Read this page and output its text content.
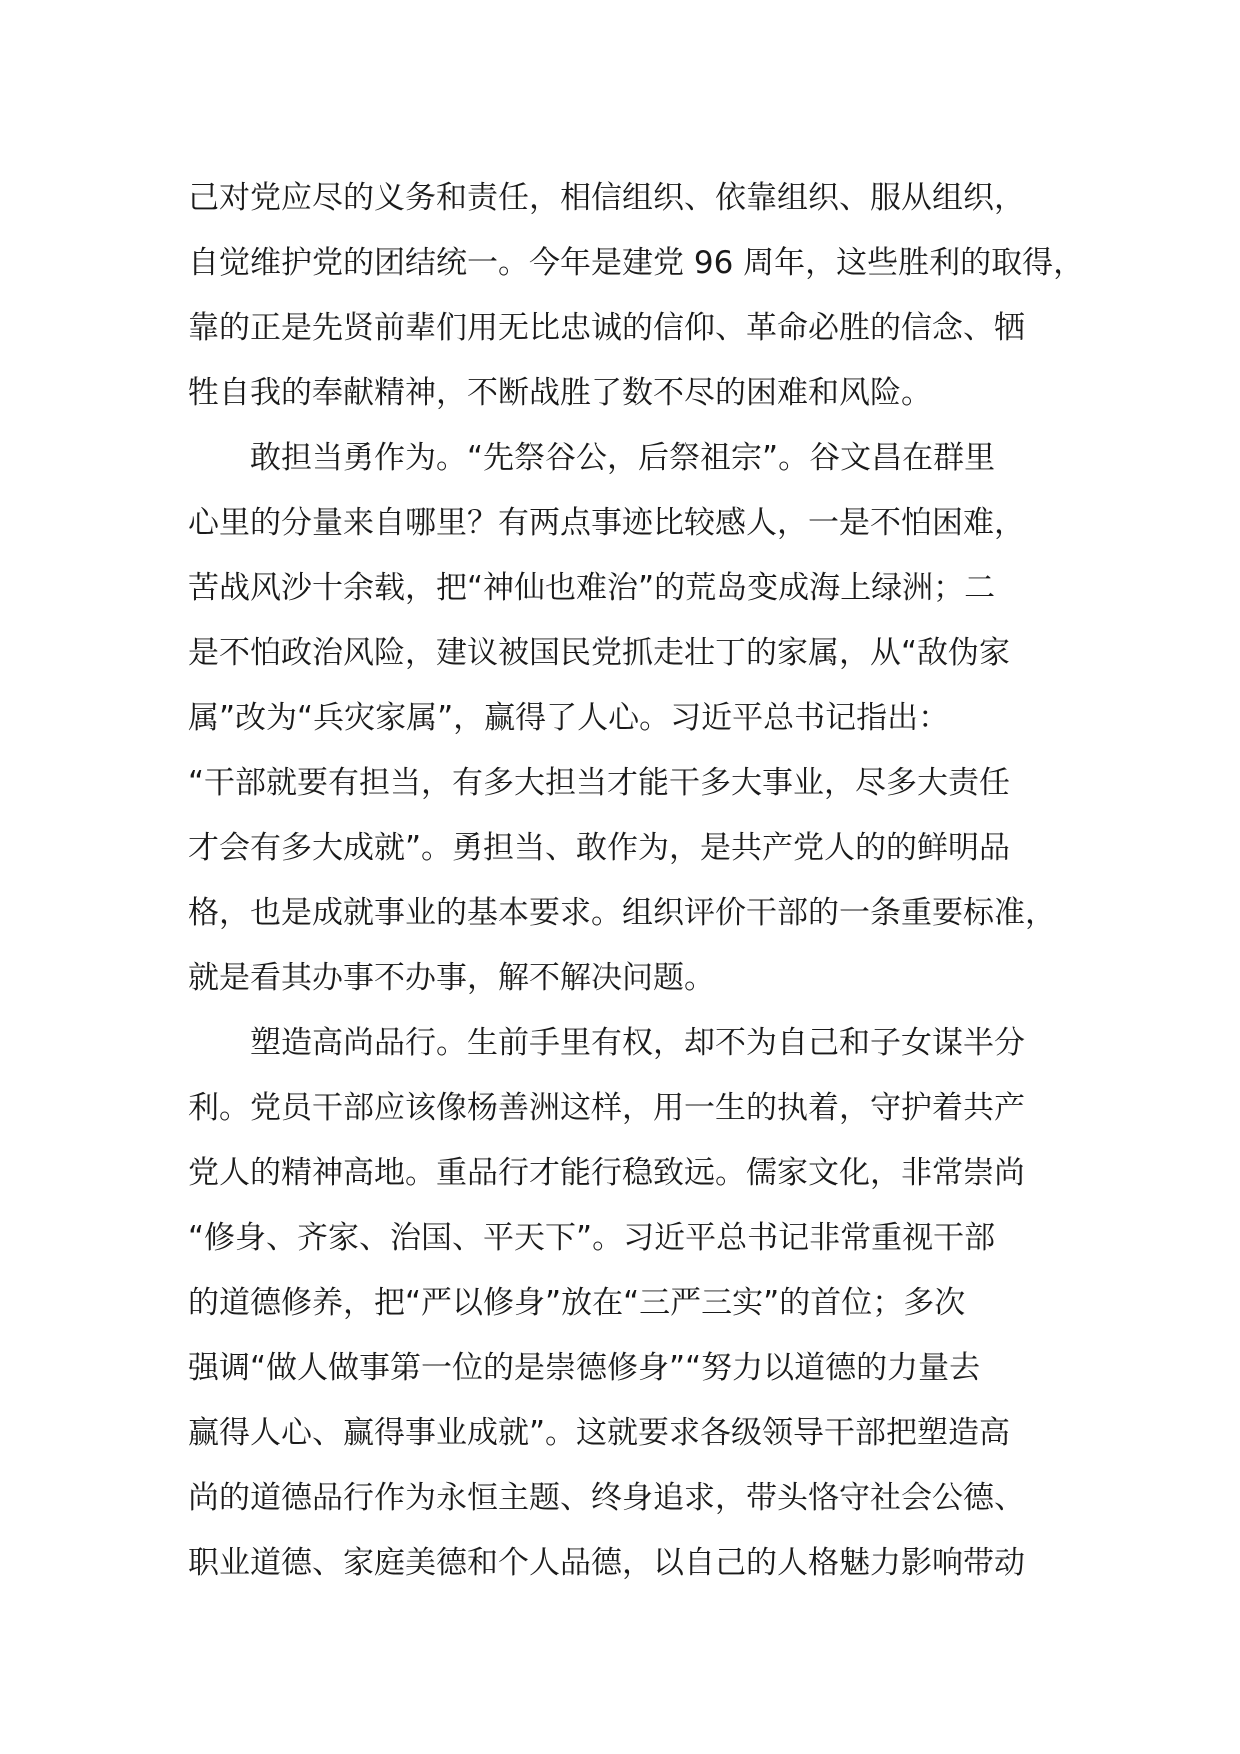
己对党应尽的义务和责任，相信组织、依靠组织、服从组织，
自觉维护党的团结统一。今年是建党 96 周年，这些胜利的取得，
靠的正是先贤前辈们用无比忠诚的信仰、革命必胜的信念、牺
牲自我的奉献精神，不断战胜了数不尽的困难和风险。
敢担当勇作为。“先祭谷公，后祭祖宗”。谷文昌在群里
心里的分量来自哪里？有两点事迹比较感人，一是不怕困难，
苦战风沙十余载，把“神仙也难治”的荒岛变成海上绿洲；二
是不怕政治风险，建议被国民党抓走壮丁的家属，从“敌伪家
属”改为“兵灾家属”，赢得了人心。习近平总书记指出：
“干部就要有担当，有多大担当才能干多大事业，尽多大责任
才会有多大成就”。勇担当、敢作为，是共产党人的的鲜明品
格，也是成就事业的基本要求。组织评价干部的一条重要标准，
就是看其办事不办事，解不解决问题。
塑造高尚品行。生前手里有权，却不为自己和子女谋半分
利。党员干部应该像杨善洲这样，用一生的执着，守护着共产
党人的精神高地。重品行才能行稳致远。儒家文化，非常崇尚
“修身、齐家、治国、平天下”。习近平总书记非常重视干部
的道德修养，把“严以修身”放在“三严三实”的首位；多次
强调“做人做事第一位的是崇德修身”“努力以道德的力量去
赢得人心、赢得事业成就”。这就要求各级领导干部把塑造高
尚的道德品行作为永恒主题、终身追求，带头恪守社会公德、
职业道德、家庭美德和个人品德，以自己的人格魅力影响带动
